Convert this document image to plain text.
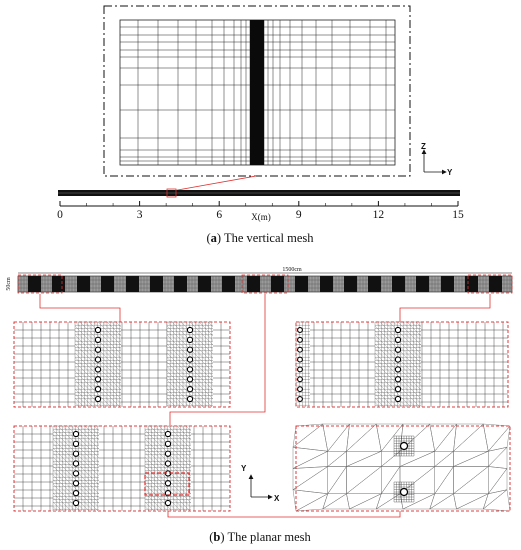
Z
Y
0	3	6	9	12	15
X(m)
(a) The vertical mesh
1500cm
50cm
Y
X
(b) The planar mesh
